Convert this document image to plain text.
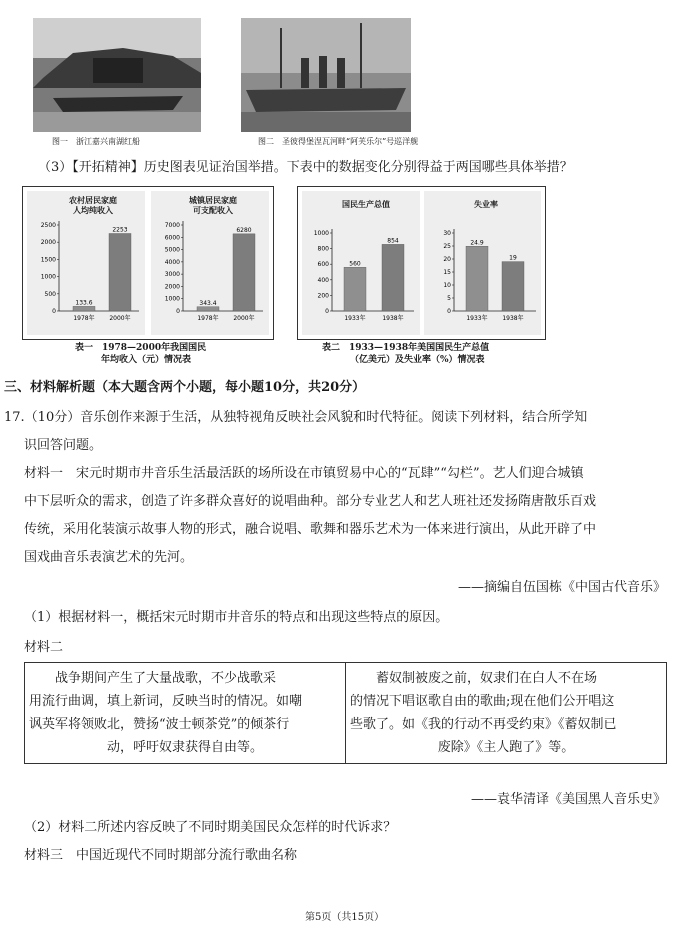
图一　浙江嘉兴南湖红船	图二　圣彼得堡涅瓦河畔“阿芙乐尔”号巡洋舰
（3）【开拓精神】历史图表见证治国举措。下表中的数据变化分别得益于两国哪些具体举措？
农村居民家庭
人均纯收入
城镇居民家庭
可支配收入
0
500
1000
1500
2000
2500
133.6
1978年
2253
2000年
0
1000
2000
3000
4000
5000
6000
7000
343.4
1978年
6280
2000年
表一　1978—2000年我国国民
年均收入（元）情况表
国民生产总值	失业率
0
200
400
600
800
1000
560
1933年
854
1938年
0
5
10
15
20
25
30
24.9
1933年
19
1938年
表二　1933—1938年美国国民生产总值
（亿美元）及失业率（%）情况表
三、材料解析题（本大题含两个小题，每小题10分，共20分）
17.（10分）音乐创作来源于生活，从独特视角反映社会风貌和时代特征。阅读下列材料，结合所学知
识回答问题。
材料一　宋元时期市井音乐生活最活跃的场所设在市镇贸易中心的“瓦肆”“勾栏”。艺人们迎合城镇
中下层听众的需求，创造了许多群众喜好的说唱曲种。部分专业艺人和艺人班社还发扬隋唐散乐百戏
传统，采用化装演示故事人物的形式，融合说唱、歌舞和器乐艺术为一体来进行演出，从此开辟了中
国戏曲音乐表演艺术的先河。
——摘编自伍国栋《中国古代音乐》
（1）根据材料一，概括宋元时期市井音乐的特点和出现这些特点的原因。
材料二
　　战争期间产生了大量战歌，不少战歌采
用流行曲调，填上新词，反映当时的情况。如嘲
讽英军将领败北，赞扬“波士顿茶党”的倾茶行
动，呼吁奴隶获得自由等。

　　蓄奴制被废之前，奴隶们在白人不在场
的情况下唱讴歌自由的歌曲;现在他们公开唱这
些歌了。如《我的行动不再受约束》《蓄奴制已
废除》《主人跑了》等。
——袁华清译《美国黑人音乐史》
（2）材料二所述内容反映了不同时期美国民众怎样的时代诉求？
材料三　中国近现代不同时期部分流行歌曲名称
第5页（共15页）
